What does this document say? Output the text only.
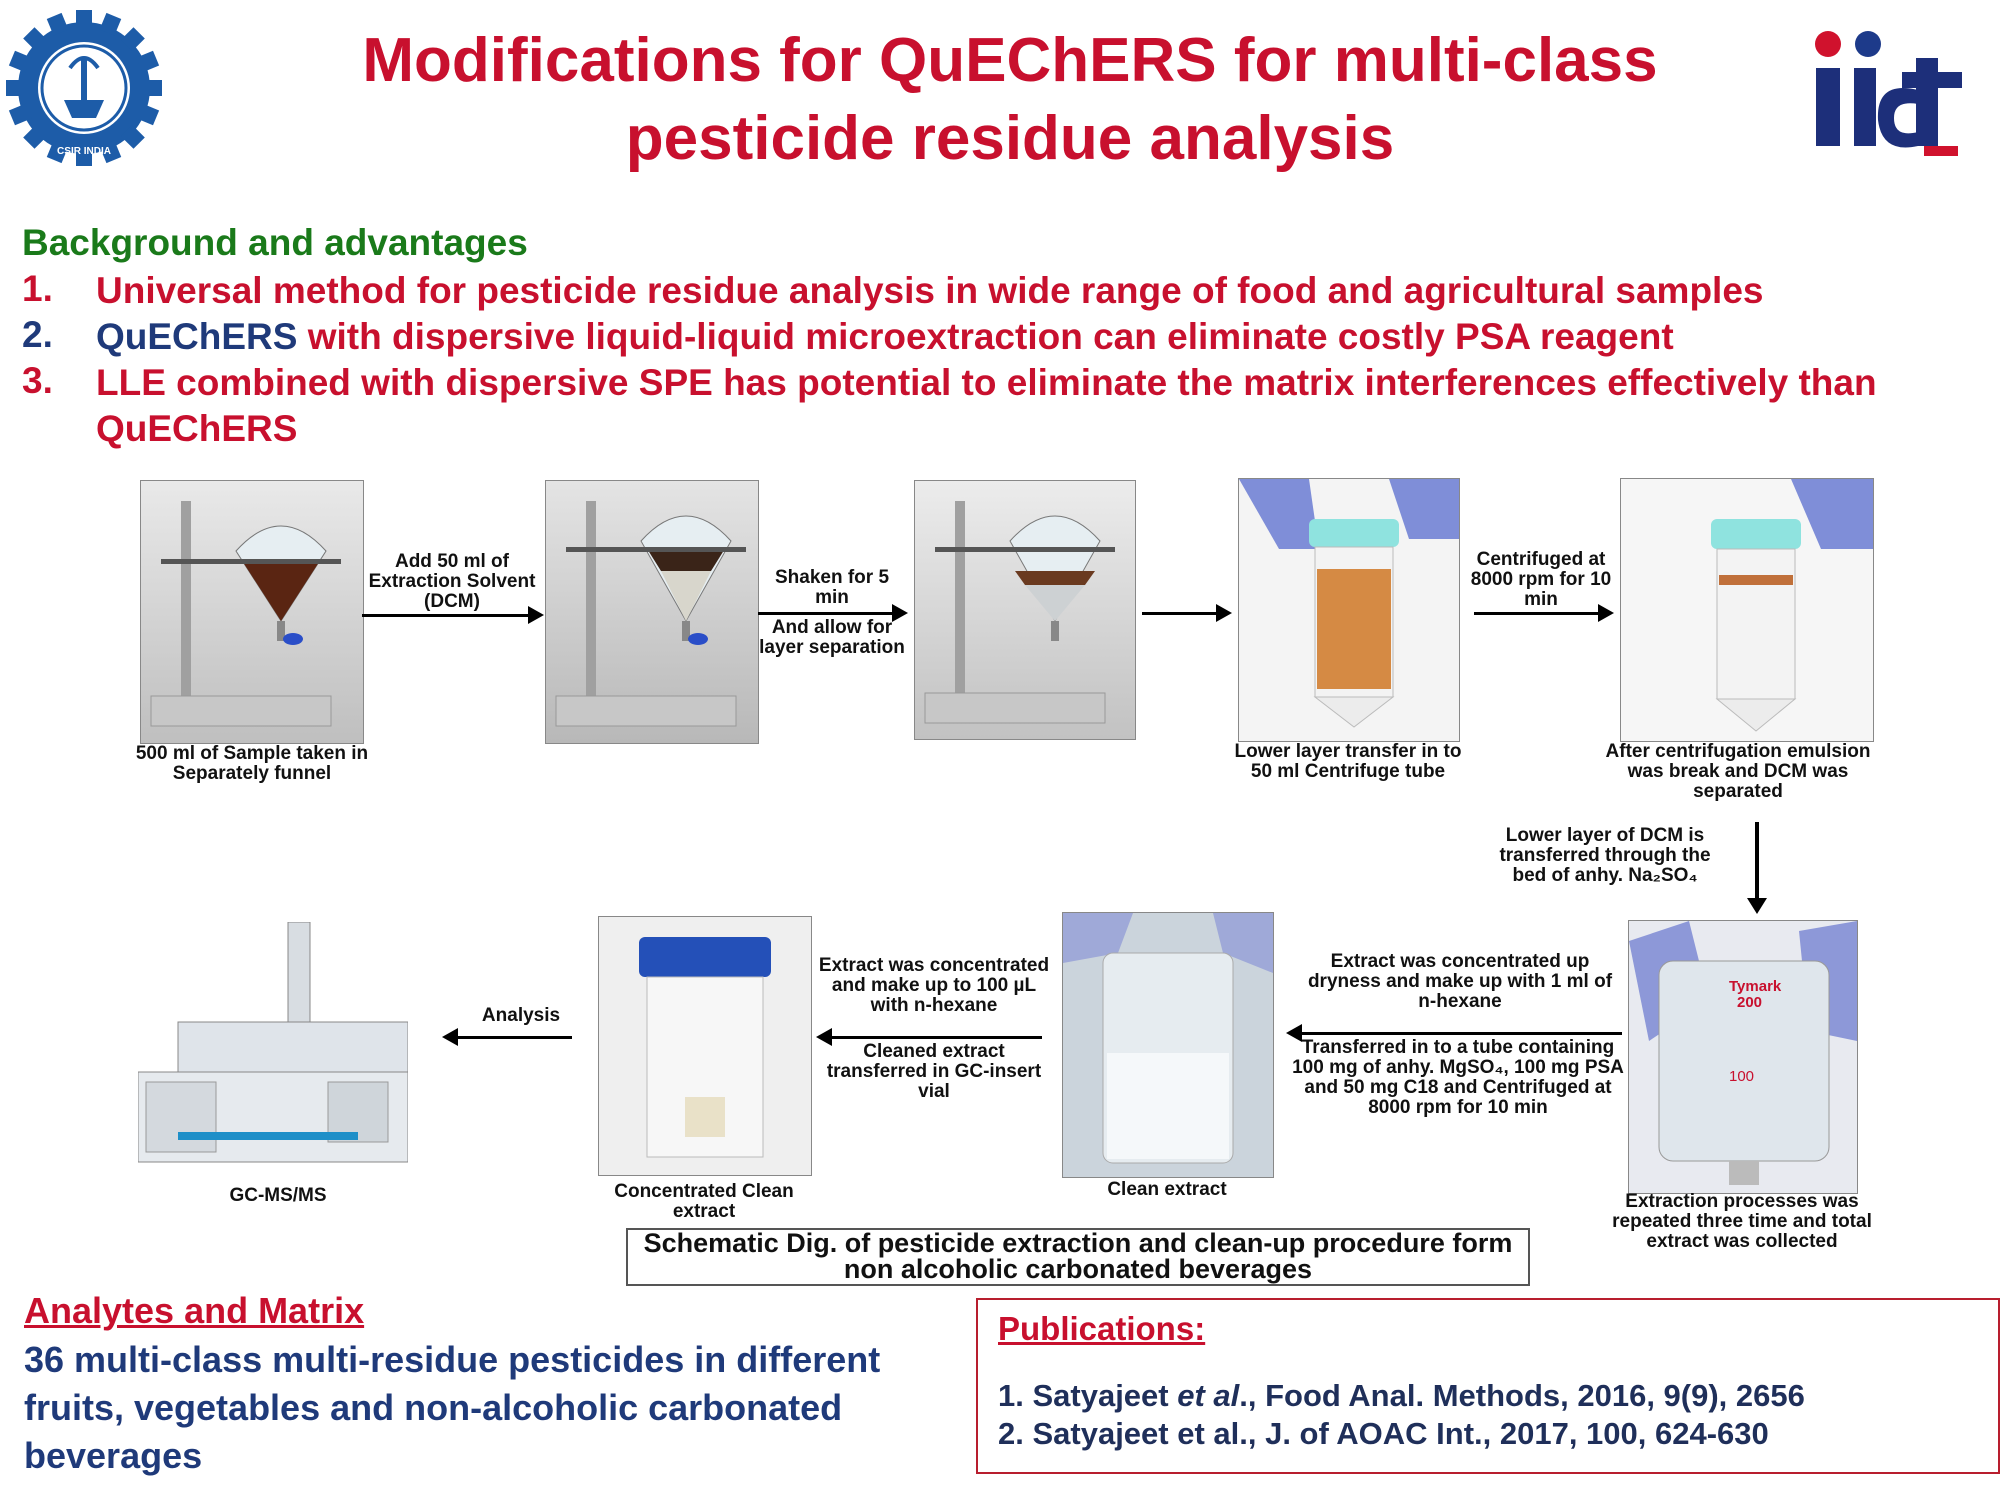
CSIR INDIA
Modifications for QuEChERS for multi-class pesticide residue analysis
Background and advantages
1. Universal method for pesticide residue analysis in wide range of food and agricultural samples
2. QuEChERS with dispersive liquid-liquid microextraction can eliminate costly PSA reagent
3. LLE combined with dispersive SPE has potential to eliminate the matrix interferences effectively than QuEChERS
500 ml of Sample taken in Separately funnel
Lower layer transfer in to 50 ml Centrifuge tube
After centrifugation emulsion was break and DCM was separated
Add 50 ml of Extraction Solvent (DCM)
Shaken for 5 min
And allow for layer separation
Centrifuged at 8000 rpm for 10 min
Lower layer of DCM is transferred through the bed of anhy. Na₂SO₄
Tymark
200
100
Extraction processes was repeated three time and total extract was collected
Clean extract
Concentrated Clean extract
GC-MS/MS
Extract was concentrated up dryness and make up with 1 ml of n-hexane
Transferred in to a tube containing 100 mg of anhy. MgSO₄, 100 mg PSA and 50 mg C18 and Centrifuged at 8000 rpm for 10 min
Extract was concentrated and make up to 100 µL with n-hexane
Cleaned extract transferred in GC-insert vial
Analysis
Schematic Dig. of pesticide extraction and clean-up procedure form non alcoholic carbonated beverages
Analytes and Matrix
36 multi-class multi-residue pesticides in different fruits, vegetables and non-alcoholic carbonated beverages
Publications:
1. Satyajeet et al., Food Anal. Methods, 2016, 9(9), 2656
2. Satyajeet et al., J. of AOAC Int., 2017, 100, 624-630
